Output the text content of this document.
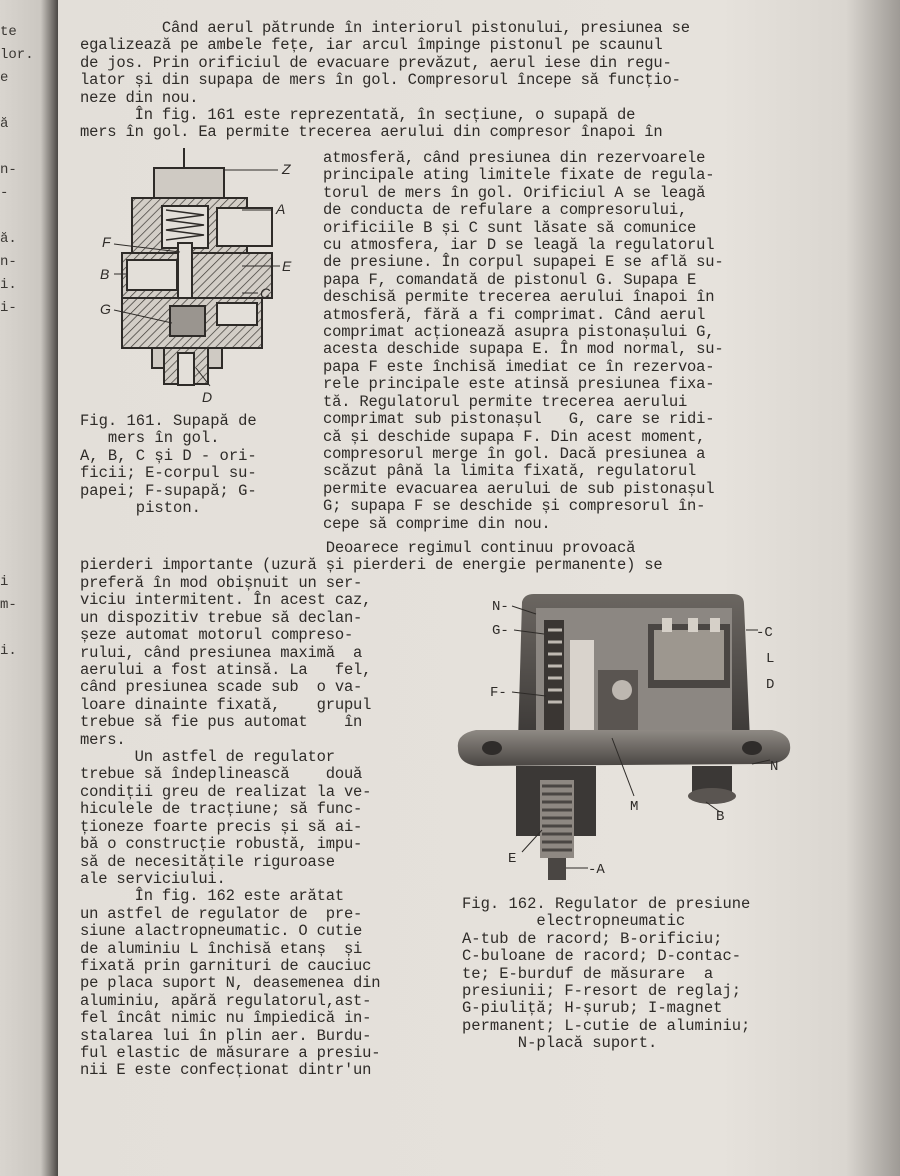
te
lor.
e
ă
n-
-
ă.
n-
i.
i-
i
m-
i.
Când aerul pătrunde în interiorul pistonului, presiunea se
egalizează pe ambele fețe, iar arcul împinge pistonul pe scaunul
de jos. Prin orificiul de evacuare prevăzut, aerul iese din regu-
lator și din supapa de mers în gol. Compresorul începe să funcțio-
neze din nou.
În fig. 161 este reprezentată, în secțiune, o supapă de
mers în gol. Ea permite trecerea aerului din compresor înapoi în
atmosferă, când presiunea din rezervoarele
principale ating limitele fixate de regula-
torul de mers în gol. Orificiul A se leagă
de conducta de refulare a compresorului,
orificiile B și C sunt lăsate să comunice
cu atmosfera, iar D se leagă la regulatorul
de presiune. În corpul supapei E se află su-
papa F, comandată de pistonul G. Supapa E
deschisă permite trecerea aerului înapoi în
atmosferă, fără a fi comprimat. Când aerul
comprimat acționează asupra pistonașului G,
acesta deschide supapa E. În mod normal, su-
papa F este închisă imediat ce în rezervoa-
rele principale este atinsă presiunea fixa-
tă. Regulatorul permite trecerea aerului
comprimat sub pistonașul   G, care se ridi-
că și deschide supapa F. Din acest moment,
compresorul merge în gol. Dacă presiunea a
scăzut până la limita fixată, regulatorul
permite evacuarea aerului de sub pistonașul
G; supapa F se deschide și compresorul în-
cepe să comprime din nou.
Deoarece regimul continuu provoacă
pierderi importante (uzură și pierderi de energie permanente) se
preferă în mod obișnuit un ser-
viciu intermitent. În acest caz,
un dispozitiv trebue să declan-
șeze automat motorul compreso-
rului, când presiunea maximă  a
aerului a fost atinsă. La   fel,
când presiunea scade sub  o va-
loare dinainte fixată,    grupul
trebue să fie pus automat    în
mers.
Un astfel de regulator
trebue să îndeplinească    două
condiții greu de realizat la ve-
hiculele de tracțiune; să func-
ționeze foarte precis și să ai-
bă o construcție robustă, impu-
să de necesitățile riguroase
ale serviciului.
În fig. 162 este arătat
un astfel de regulator de  pre-
siune alactropneumatic. O cutie
de aluminiu L închisă etanș  și
fixată prin garnituri de cauciuc
pe placa suport N, deasemenea din
aluminiu, apără regulatorul,ast-
fel încât nimic nu împiedică in-
stalarea lui în plin aer. Burdu-
ful elastic de măsurare a presiu-
nii E este confecționat dintr'un
Z
A
F
E
B
C
G
D
Fig. 161. Supapă de
mers în gol.
A, B, C și D - ori-
ficii; E-corpul su-
papei; F-supapă; G-
piston.
N-
G-	-C
L
D
F-
N
M
B
E
-A
Fig. 162. Regulator de presiune
electropneumatic
A-tub de racord; B-orificiu;
C-buloane de racord; D-contac-
te; E-burduf de măsurare  a
presiunii; F-resort de reglaj;
G-piuliță; H-șurub; I-magnet
permanent; L-cutie de aluminiu;
N-placă suport.
